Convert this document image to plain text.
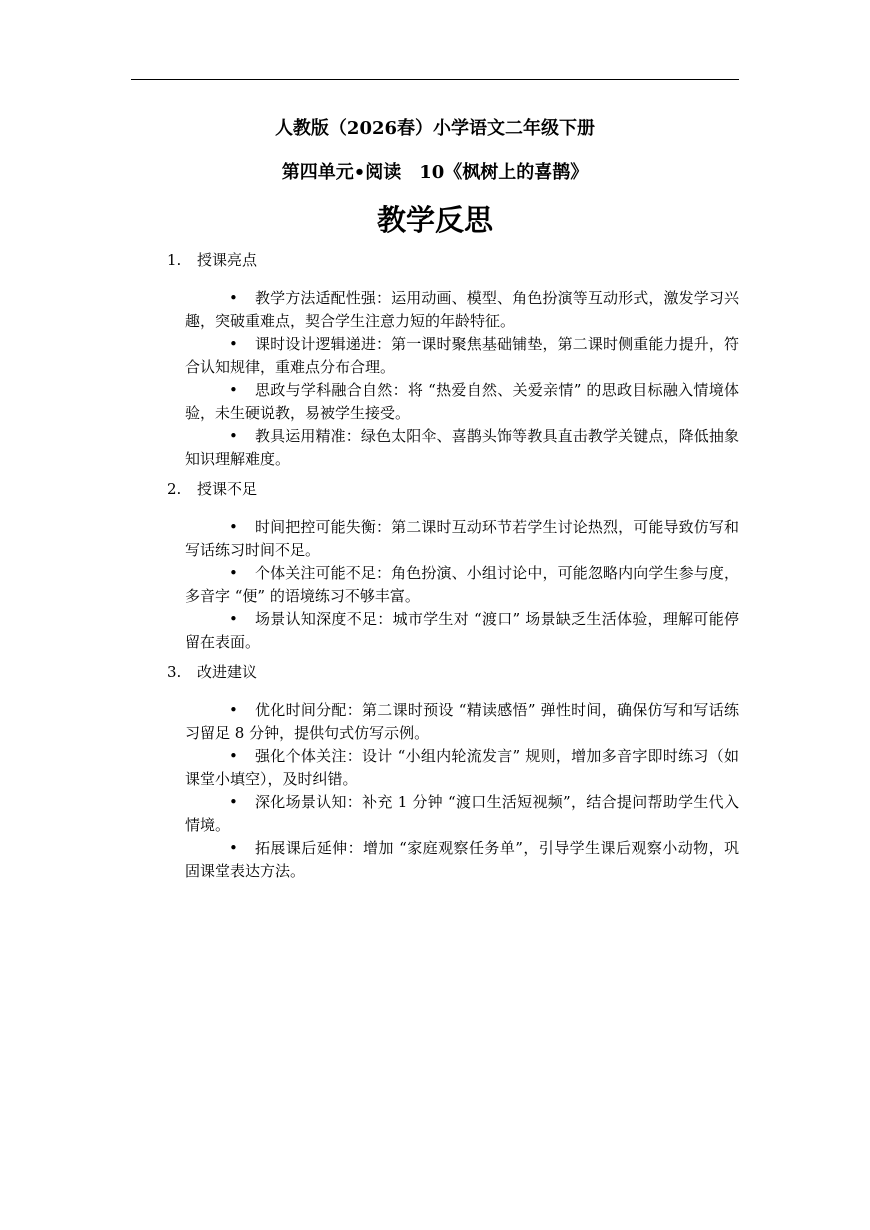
人教版（2026春）小学语文二年级下册
第四单元•阅读　10《枫树上的喜鹊》
教学反思
1. 授课亮点
•	教学方法适配性强：运用动画、模型、角色扮演等互动形式，激发学习兴趣，突破重难点，契合学生注意力短的年龄特征。
•	课时设计逻辑递进：第一课时聚焦基础铺垫，第二课时侧重能力提升，符合认知规律，重难点分布合理。
•	思政与学科融合自然：将 “热爱自然、关爱亲情” 的思政目标融入情境体验，未生硬说教，易被学生接受。
•	教具运用精准：绿色太阳伞、喜鹊头饰等教具直击教学关键点，降低抽象知识理解难度。
2. 授课不足
•	时间把控可能失衡：第二课时互动环节若学生讨论热烈，可能导致仿写和写话练习时间不足。
•	个体关注可能不足：角色扮演、小组讨论中，可能忽略内向学生参与度，多音字 “便” 的语境练习不够丰富。
•	场景认知深度不足：城市学生对 “渡口” 场景缺乏生活体验，理解可能停留在表面。
3. 改进建议
•	优化时间分配：第二课时预设 “精读感悟” 弹性时间，确保仿写和写话练习留足 8 分钟，提供句式仿写示例。
•	强化个体关注：设计 “小组内轮流发言” 规则，增加多音字即时练习（如课堂小填空），及时纠错。
•	深化场景认知：补充 1 分钟 “渡口生活短视频”，结合提问帮助学生代入情境。
•	拓展课后延伸：增加 “家庭观察任务单”，引导学生课后观察小动物，巩固课堂表达方法。
